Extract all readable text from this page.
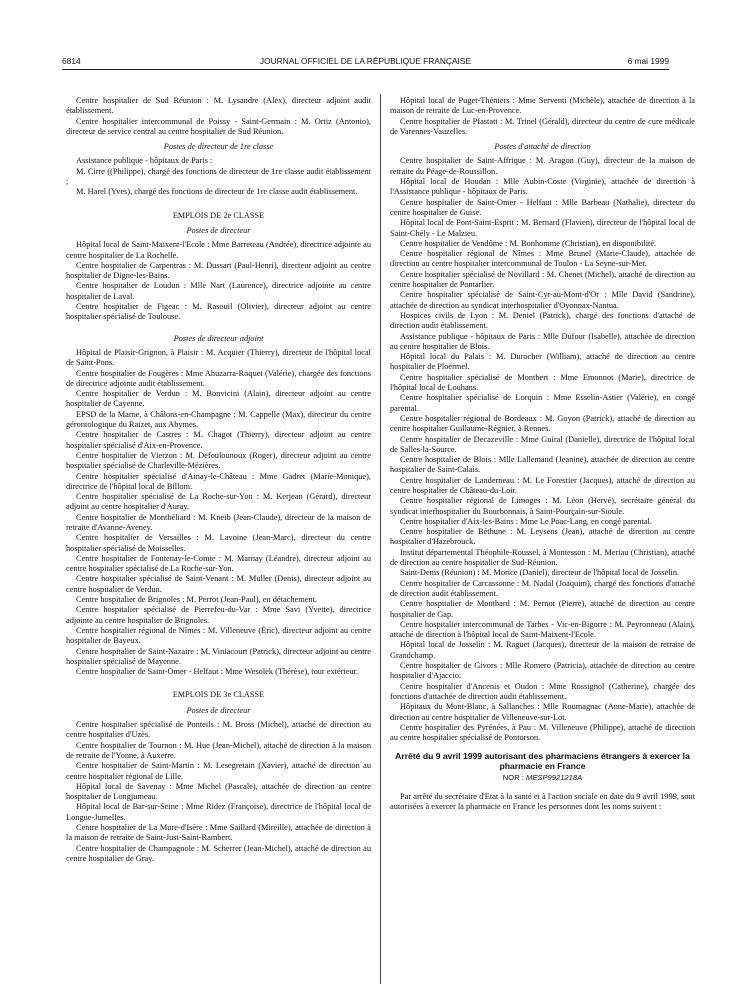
6814	JOURNAL OFFICIEL DE LA RÉPUBLIQUE FRANÇAISE	6 mai 1999

Centre hospitalier de Sud Réunion : M. Lysandre (Alex), directeur adjoint audit établissement.

Centre hospitalier intercommunal de Poissy - Saint-Germain : M. Ortiz (Antonio), directeur de service central au centre hospitalier de Sud Réunion.

Postes de directeur de 1re classe

Assistance publique - hôpitaux de Paris :

M. Cirre ((Philippe), chargé des fonctions de directeur de 1re classe audit établissement ;

M. Harel (Yves), chargé des fonctions de directeur de 1re classe audit établissement.

EMPLOIS DE 2e CLASSE
Postes de directeur

Hôpital local de Saint-Maixent-l'Ecole : Mme Barreteau (Andrée), directrice adjointe au centre hospitalier de La Rochelle.

Centre hospitalier de Carpentras : M. Dussart (Paul-Henri), directeur adjoint au centre hospitalier de Digne-les-Bains.

Centre hospitalier de Loudun : Mlle Nart (Laurence), directrice adjointe au centre hospitalier de Laval.

Centre hospitalier de Figeac : M. Rasouil (Olivier), directeur adjoint au centre hospitalier spécialisé de Toulouse.

Postes de directeur adjoint

Hôpital de Plaisir-Grignon, à Plaisir : M. Acquier (Thierry), directeur de l'hôpital local de Saint-Pons.

Centre hospitalier de Fougères : Mme Ahuzarra-Roquet (Valérie), chargée des fonctions de directrice adjointe audit établissement.

Centre hospitalier de Verdun : M. Bonvicini (Alain), directeur adjoint au centre hospitalier de Cayenne.

EPSD de la Marne, à Châlons-en-Champagne : M. Cappelle (Max), directeur du centre gérontologique du Raizet, aux Abymes.

Centre hospitalier de Castres : M. Chagot (Thierry), directeur adjoint au centre hospitalier spécialisé d'Aix-en-Provence.

Centre hospitalier de Vierzon : M. Defoulounoux (Roger), directeur adjoint au centre hospitalier spécialisé de Charleville-Mézières.

Centre hospitalier spécialisé d'Ainay-le-Château : Mme Gadret (Marie-Monique), directrice de l'hôpital local de Billom.

Centre hospitalier spécialisé de La Roche-sur-Yon : M. Kerjean (Gérard), directeur adjoint au centre hospitalier d'Auray.

Centre hospitalier de Montbéliard : M. Kneib (Jean-Claude), directeur de la maison de retraite d'Avanne-Aveney.

Centre hospitalier de Versailles : M. Lavoine (Jean-Marc), directeur du centre hospitalier spécialisé de Moisselles.

Centre hospitalier de Fontenay-le-Comte : M. Marnay (Léandre), directeur adjoint au centre hospitalier spécialisé de La Roche-sur-Yon.

Centre hospitalier spécialisé de Saint-Venant : M. Muller (Denis), directeur adjoint au centre hospitalier de Verdun.

Centre hospitalier de Brignoles : M. Perrot (Jean-Paul), en détachement.

Centre hospitalier spécialisé de Pierrefeu-du-Var : Mme Savi (Yvette), directrice adjointe au centre hospitalier de Brignoles.

Centre hospitalier régional de Nîmes : M. Villeneuve (Éric), directeur adjoint au centre hospitalier de Bayeux.

Centre hospitalier de Saint-Nazaire : M. Viniacourt (Patrick), directeur adjoint au centre hospitalier spécialisé de Mayenne.

Centre hospitalier de Saint-Omer - Helfaut : Mme Wesolek (Thérèse), tour extérieur.

EMPLOIS DE 3e CLASSE
Postes de directeur

Centre hospitalier spécialisé de Ponteils : M. Bross (Michel), attaché de direction au centre hospitalier d'Uzès.

Centre hospitalier de Tournon : M. Hue (Jean-Michel), attaché de direction à la maison de retraite de l'Yonne, à Auxerre.

Centre hospitalier de Saint-Martin : M. Lesegretain (Xavier), attaché de direction au centre hospitalier régional de Lille.

Hôpital local de Savenay : Mme Michel (Pascale), attachée de direction au centre hospitalier de Longjumeau.

Hôpital local de Bar-sur-Seine : Mme Ridez (Françoise), directrice de l'hôpital local de Longue-Jumelles.

Centre hospitalier de La Mure-d'Isère : Mme Saillard (Mireille), attachée de direction à la maison de retraite de Saint-Just-Saint-Rambert.

Centre hospitalier de Champagnole : M. Scherrer (Jean-Michel), attaché de direction au centre hospitalier de Gray.

Hôpital local de Puget-Théniers : Mme Serventi (Michèle), attachée de direction à la maison de retraite de Luc-en-Provence.

Centre hospitalier de Pfastatt : M. Trinel (Gérald), directeur du centre de cure médicale de Varennes-Vauzelles.

Postes d'attaché de direction

Centre hospitalier de Saint-Affrique : M. Aragon (Guy), directeur de la maison de retraite du Péage-de-Roussillon.

Hôpital local de Houdan : Mlle Aubin-Coste (Virginie), attachée de direction à l'Assistance publique - hôpitaux de Paris.

Centre hospitalier de Saint-Omer - Helfaut : Mlle Barbeau (Nathalie), directeur du centre hospitalier de Guise.

Hôpital local de Pont-Saint-Esprit : M. Bernard (Flavien), directeur de l'hôpital local de Saint-Chély - Le Malzieu.

Centre hospitalier de Vendôme : M. Bonhomme (Christian), en disponibilité.

Centre hospitalier régional de Nîmes : Mme Brunel (Marie-Claude), attachée de direction au centre hospitalier intercommunal de Toulon - La Seyne-sur-Mer.

Centre hospitalier spécialisé de Novillard : M. Chenet (Michel), attaché de direction au centre hospitalier de Pontarlier.

Centre hospitalier spécialisé de Saint-Cyr-au-Mont-d'Or : Mlle David (Sandrine), attachée de direction au syndicat interhospitalier d'Oyonnax-Nantua.

Hospices civils de Lyon : M. Deniel (Patrick), chargé des fonctions d'attaché de direction audit établissement.

Assistance publique - hôpitaux de Paris : Mlle Dufour (Isabelle), attachée de direction au centre hospitalier de Blois.

Hôpital local du Palais : M. Durocher (William), attaché de direction au centre hospitalier de Ploërmel.

Centre hospitalier spécialisé de Montbert : Mme Emonnot (Marie), directrice de l'hôpital local de Louhans.

Centre hospitalier spécialisé de Lorquin : Mme Esselin-Astier (Valérie), en congé parental.

Centre hospitalier régional de Bordeaux : M. Goyon (Patrick), attaché de direction au centre hospitalier Guillaume-Régnier, à Rennes.

Centre hospitalier de Decazeville : Mme Guiral (Danielle), directrice de l'hôpital local de Salles-la-Source.

Centre hospitalier de Blois : Mlle Lallemand (Jeanine), attachée de direction au centre hospitalier de Saint-Calais.

Centre hospitalier de Landerneau : M. Le Forestier (Jacques), attaché de direction au centre hospitalier de Château-du-Loir.

Centre hospitalier régional de Limoges : M. Léon (Hervé), secrétaire général du syndicat interhospitalier du Bourbonnais, à Saint-Pourçain-sur-Sioule.

Centre hospitalier d'Aix-les-Bains : Mme Le Poac-Lang, en congé parental.

Centre hospitalier de Béthune : M. Leysens (Jean), attaché de direction au centre hospitalier d'Hazebrouck.

Institut départemental Théophile-Roussel, à Montesson : M. Meriau (Christian), attaché de direction au centre hospitalier de Sud-Réunion.

Saint-Denis (Réunion) : M. Morice (Daniel), directeur de l'hôpital local de Josselin.

Centre hospitalier de Carcassonne : M. Nadal (Joaquim), chargé des fonctions d'attaché de direction audit établissement.

Centre hospitalier de Montbard : M. Pernot (Pierre), attaché de direction au centre hospitalier de Gap.

Centre hospitalier intercommunal de Tarbes - Vic-en-Bigorre : M. Peyronneau (Alain), attaché de direction à l'hôpital local de Saint-Maixent-l'Ecole.

Hôpital local de Josselin : M. Raguet (Jacques), directeur de la maison de retraite de Grandchamp.

Centre hospitalier de Givors : Mlle Romero (Patricia), attachée de direction au centre hospitalier d'Ajaccio.

Centre hospitalier d'Ancenis et Oudon : Mme Rossignol (Catherine), chargée des fonctions d'attachée de direction audit établissement.

Hôpitaux du Mont-Blanc, à Sallanches : Mlle Roumagnac (Anne-Marie), attachée de direction au centre hospitalier de Villeneuve-sur-Lot.

Centre hospitalier des Pyrénées, à Pau : M. Villeneuve (Philippe), attaché de direction au centre hospitalier spécialisé de Pontorson.

Arrêté du 9 avril 1999 autorisant des pharmaciens étrangers à exercer la pharmacie en France
NOR : MESP9921218A

Par arrêté du secrétaire d'Etat à la santé et à l'action sociale en date du 9 avril 1999, sont autorisées à exercer la pharmacie en France les personnes dont les noms suivent :
